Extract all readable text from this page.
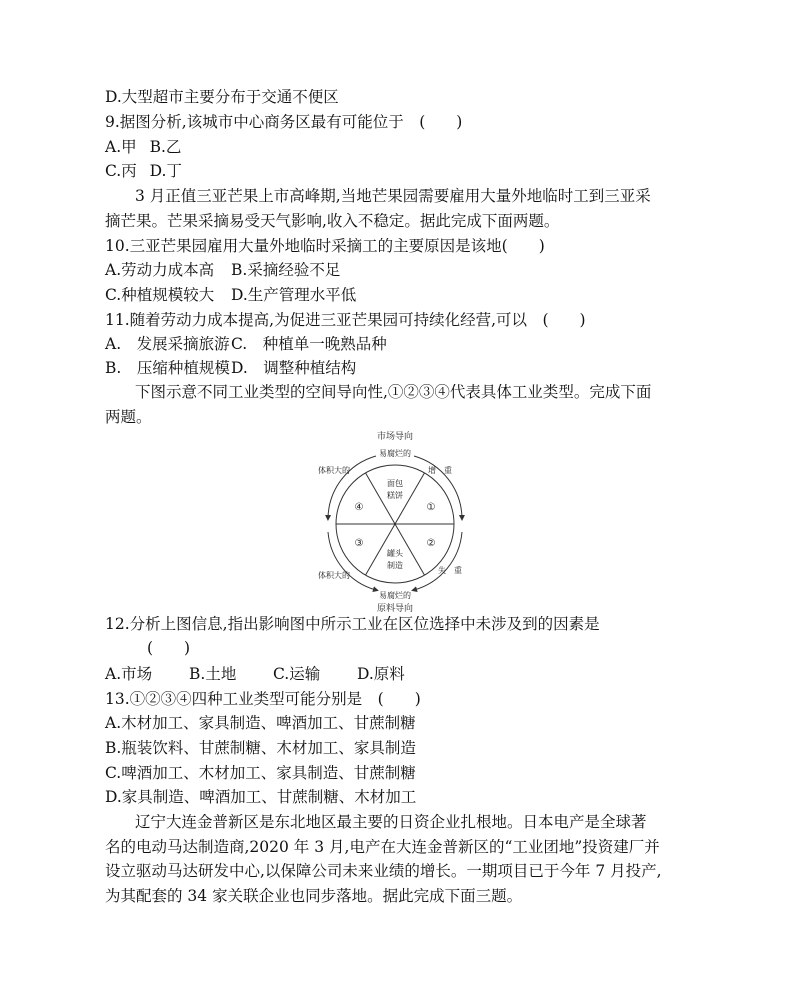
D.大型超市主要分布于交通不便区
9.据图分析,该城市中心商务区最有可能位于　(　　)
A.甲 B.乙
C.丙 D.丁
3 月正值三亚芒果上市高峰期,当地芒果园需要雇用大量外地临时工到三亚采
摘芒果。芒果采摘易受天气影响,收入不稳定。据此完成下面两题。
10.三亚芒果园雇用大量外地临时采摘工的主要原因是该地(　　)
A.劳动力成本高 B.采摘经验不足
C.种植规模较大 D.生产管理水平低
11.随着劳动力成本提高,为促进三亚芒果园可持续化经营,可以　(　　)
A.　发展采摘旅游 C.　种植单一晚熟品种
B.　压缩种植规模 D.　调整种植结构
下图示意不同工业类型的空间导向性,①②③④代表具体工业类型。完成下面
两题。
市场导向
原料导向
易腐烂的
易腐烂的
体积大的
体积大的
增　重
失　重
面包
糕饼
罐头
制造
①
②
③
④
12.分析上图信息,指出影响图中所示工业在区位选择中未涉及到的因素是
(　　)
A.市场 B.土地 C.运输 D.原料
13.①②③④四种工业类型可能分别是　(　　)
A.木材加工、家具制造、啤酒加工、甘蔗制糖
B.瓶装饮料、甘蔗制糖、木材加工、家具制造
C.啤酒加工、木材加工、家具制造、甘蔗制糖
D.家具制造、啤酒加工、甘蔗制糖、木材加工
辽宁大连金普新区是东北地区最主要的日资企业扎根地。日本电产是全球著
名的电动马达制造商,2020 年 3 月,电产在大连金普新区的“工业团地”投资建厂并
设立驱动马达研发中心,以保障公司未来业绩的增长。一期项目已于今年 7 月投产,
为其配套的 34 家关联企业也同步落地。据此完成下面三题。
